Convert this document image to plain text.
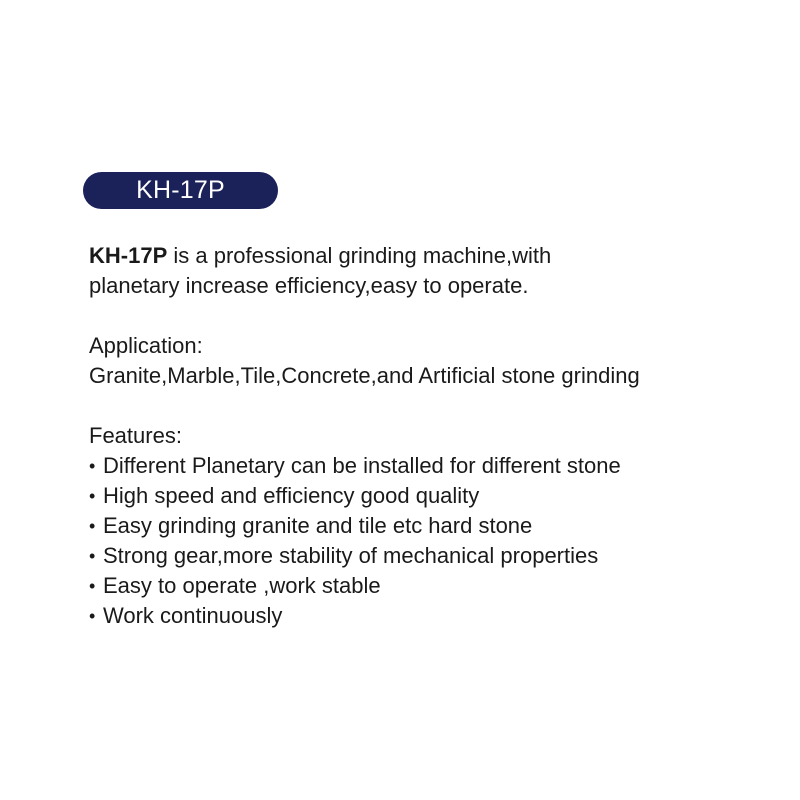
KH-17P

KH-17P is a professional grinding machine,with
planetary increase efficiency,easy to operate.

Application:

Granite,Marble,Tile,Concrete,and Artificial stone grinding

Features:

• Different Planetary can be installed for different stone
• High speed and efficiency good quality
• Easy grinding granite and tile etc hard stone
• Strong gear,more stability of mechanical properties
• Easy to operate ,work stable
• Work continuously
